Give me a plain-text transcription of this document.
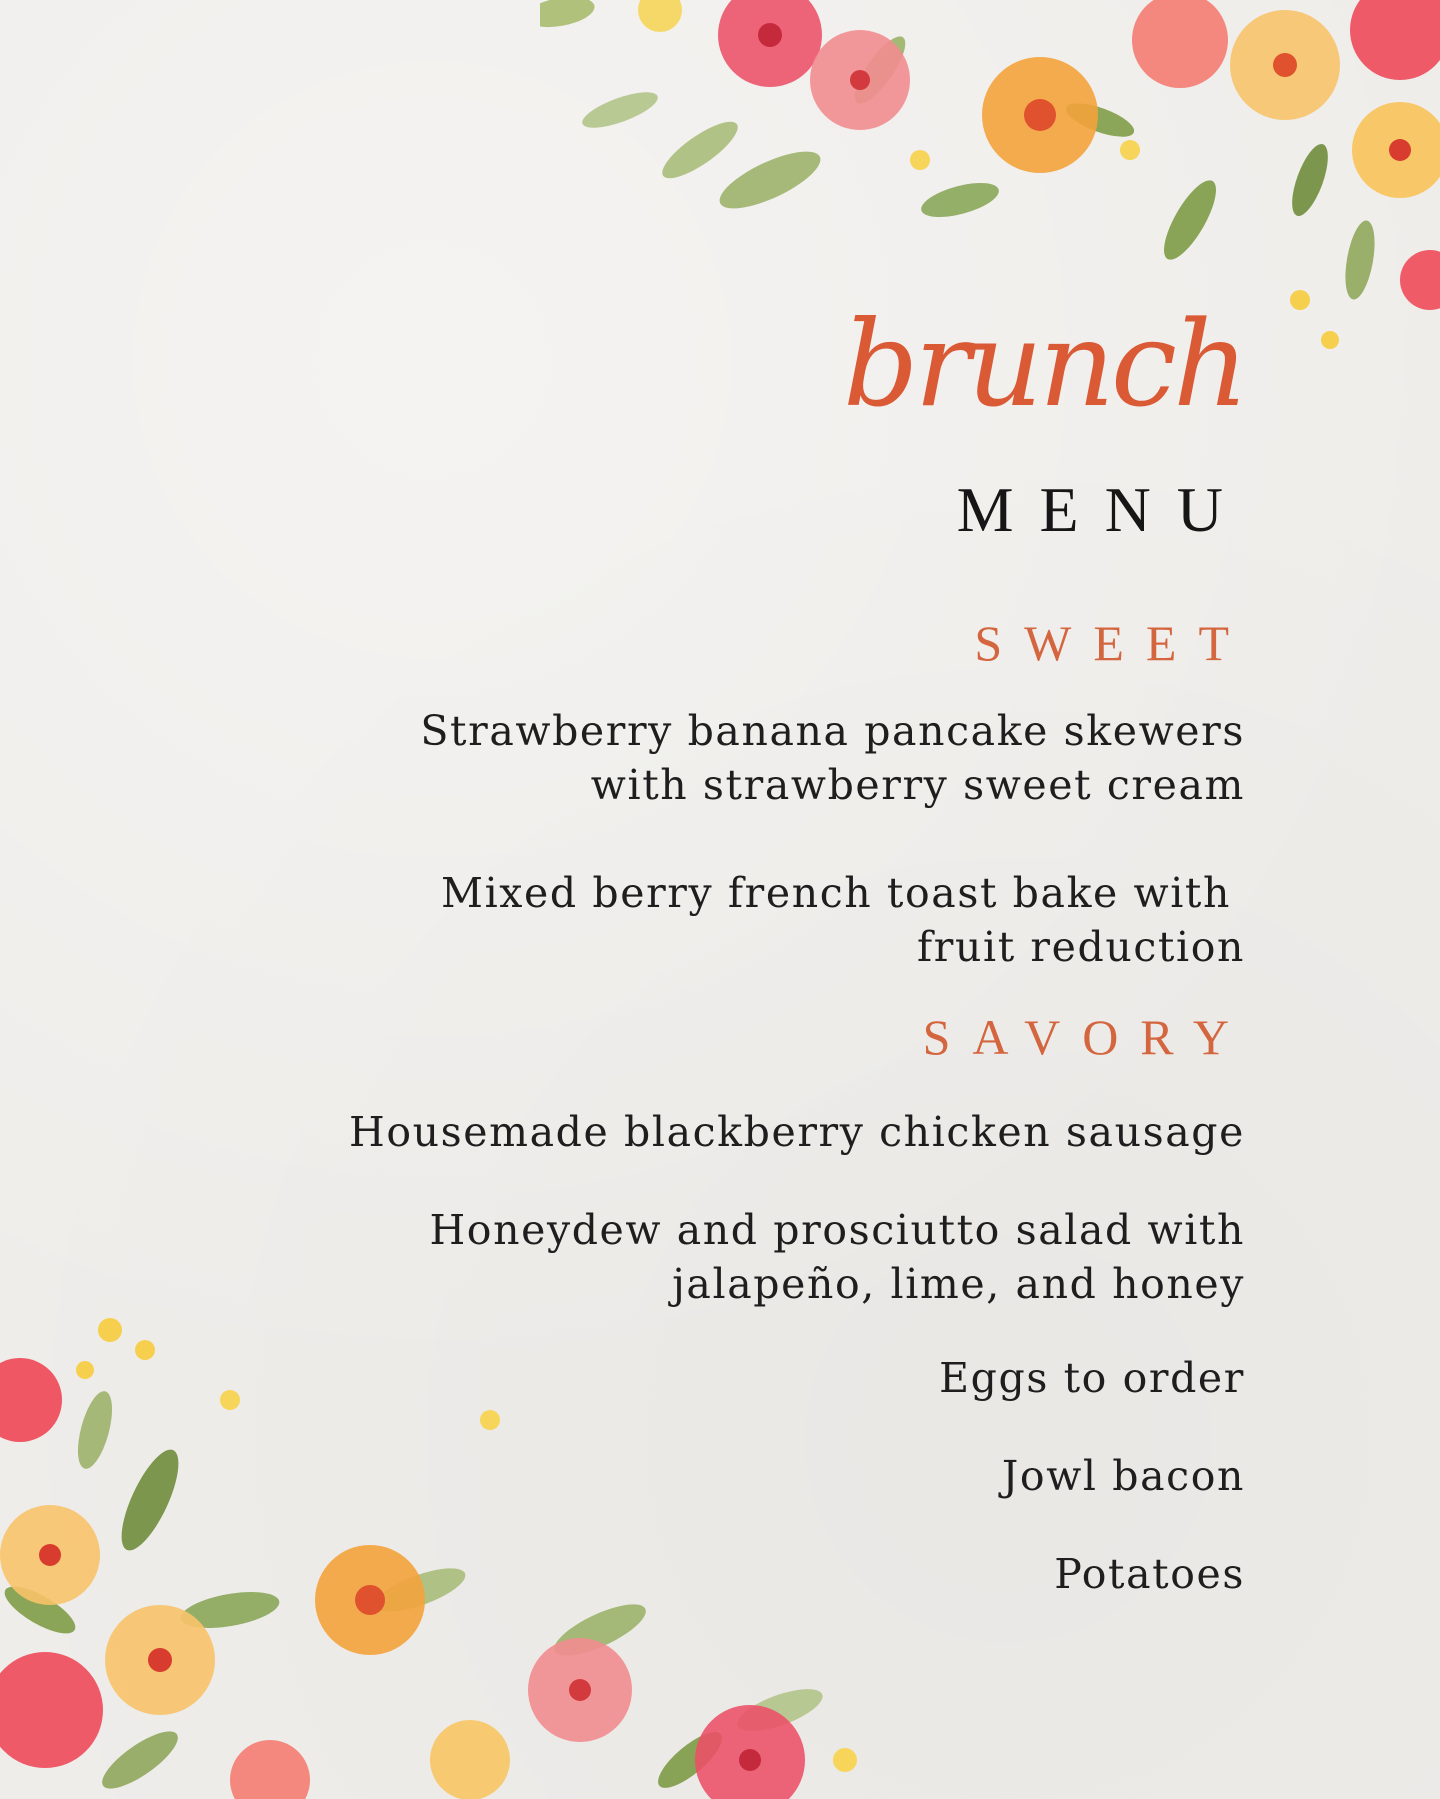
brunch
MENU
SWEET
Strawberry banana pancake skewers
with strawberry sweet cream
Mixed berry french toast bake with
fruit reduction
SAVORY
Housemade blackberry chicken sausage
Honeydew and prosciutto salad with
jalapeño, lime, and honey
Eggs to order
Jowl bacon
Potatoes
